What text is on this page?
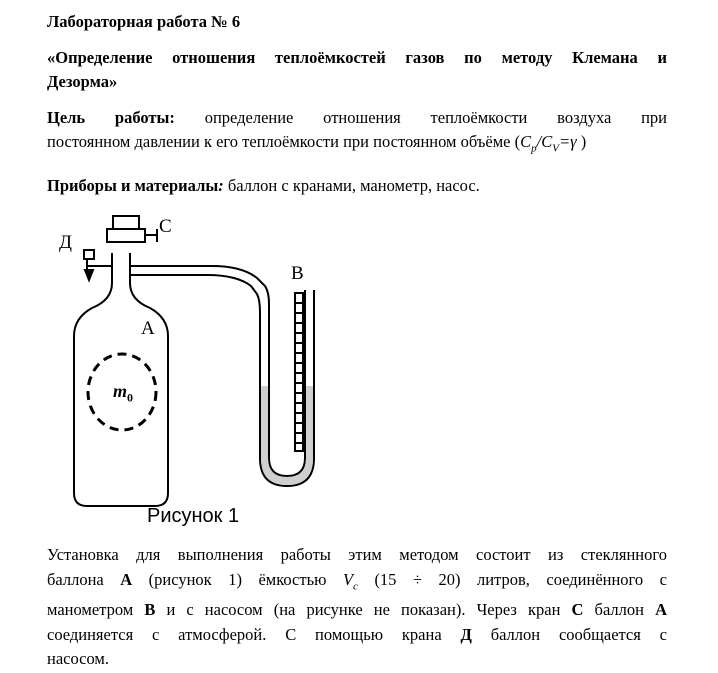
Лабораторная работа № 6
«Определение отношения теплоёмкостей газов по методу Клемана и
Дезорма»
Цель работы: определение отношения теплоёмкости воздуха при
постоянном давлении к его теплоёмкости при постоянном объёме ($C_p/C_V=\gamma$ )
Приборы и материалы: баллон с кранами, манометр, насос.
Д
С
А
В
$m_0$
Рисунок 1
Установка для выполнения работы этим методом состоит из стеклянного
баллона А (рисунок 1) ёмкостью $V_c$ (15 ÷ 20) литров, соединённого с
манометром В и с насосом (на рисунке не показан). Через кран С баллон А
соединяется с атмосферой. С помощью крана Д баллон сообщается с
насосом.
